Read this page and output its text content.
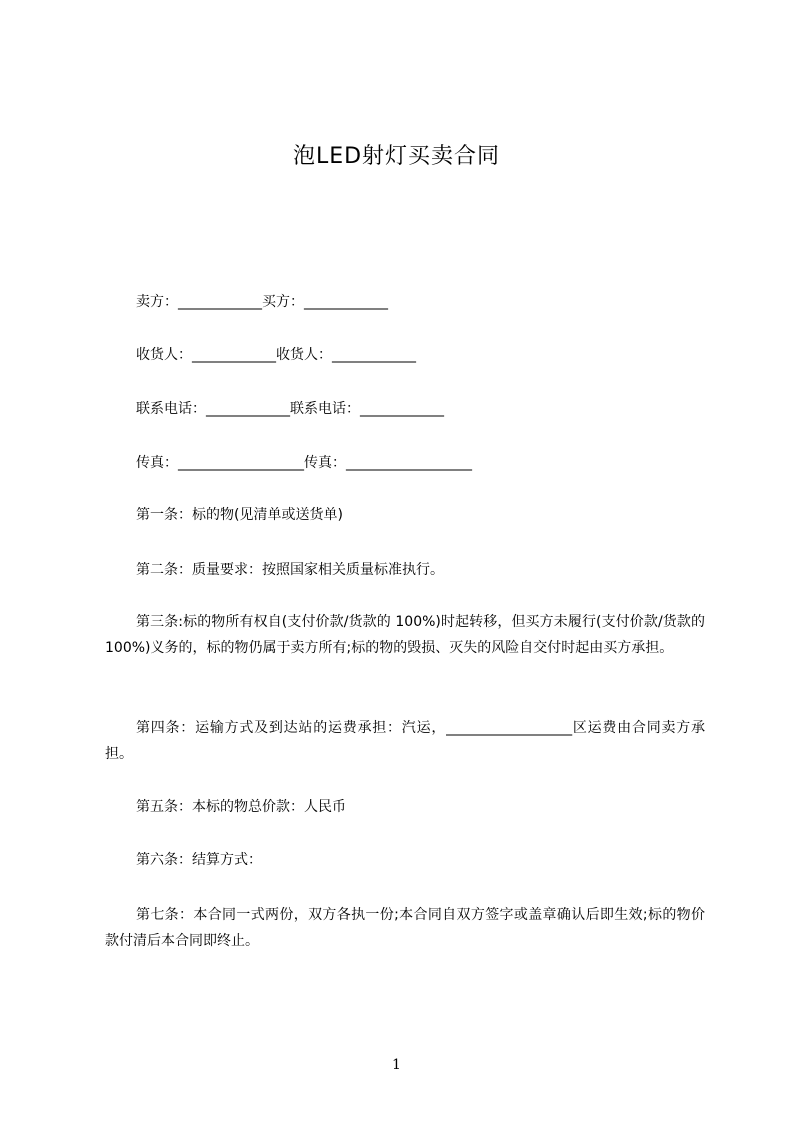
泡LED射灯买卖合同
卖方：____________买方：____________
收货人：____________收货人：____________
联系电话：____________联系电话：____________
传真：__________________传真：__________________
第一条：标的物(见清单或送货单)
第二条：质量要求：按照国家相关质量标准执行。
第三条:标的物所有权自(支付价款/货款的 100%)时起转移，但买方未履行(支付价款/货款的 100%)义务的，标的物仍属于卖方所有;标的物的毁损、灭失的风险自交付时起由买方承担。
第四条：运输方式及到达站的运费承担：汽运，__________________区运费由合同卖方承担。
第五条：本标的物总价款：人民币
第六条：结算方式：
第七条：本合同一式两份，双方各执一份;本合同自双方签字或盖章确认后即生效;标的物价款付清后本合同即终止。
1
